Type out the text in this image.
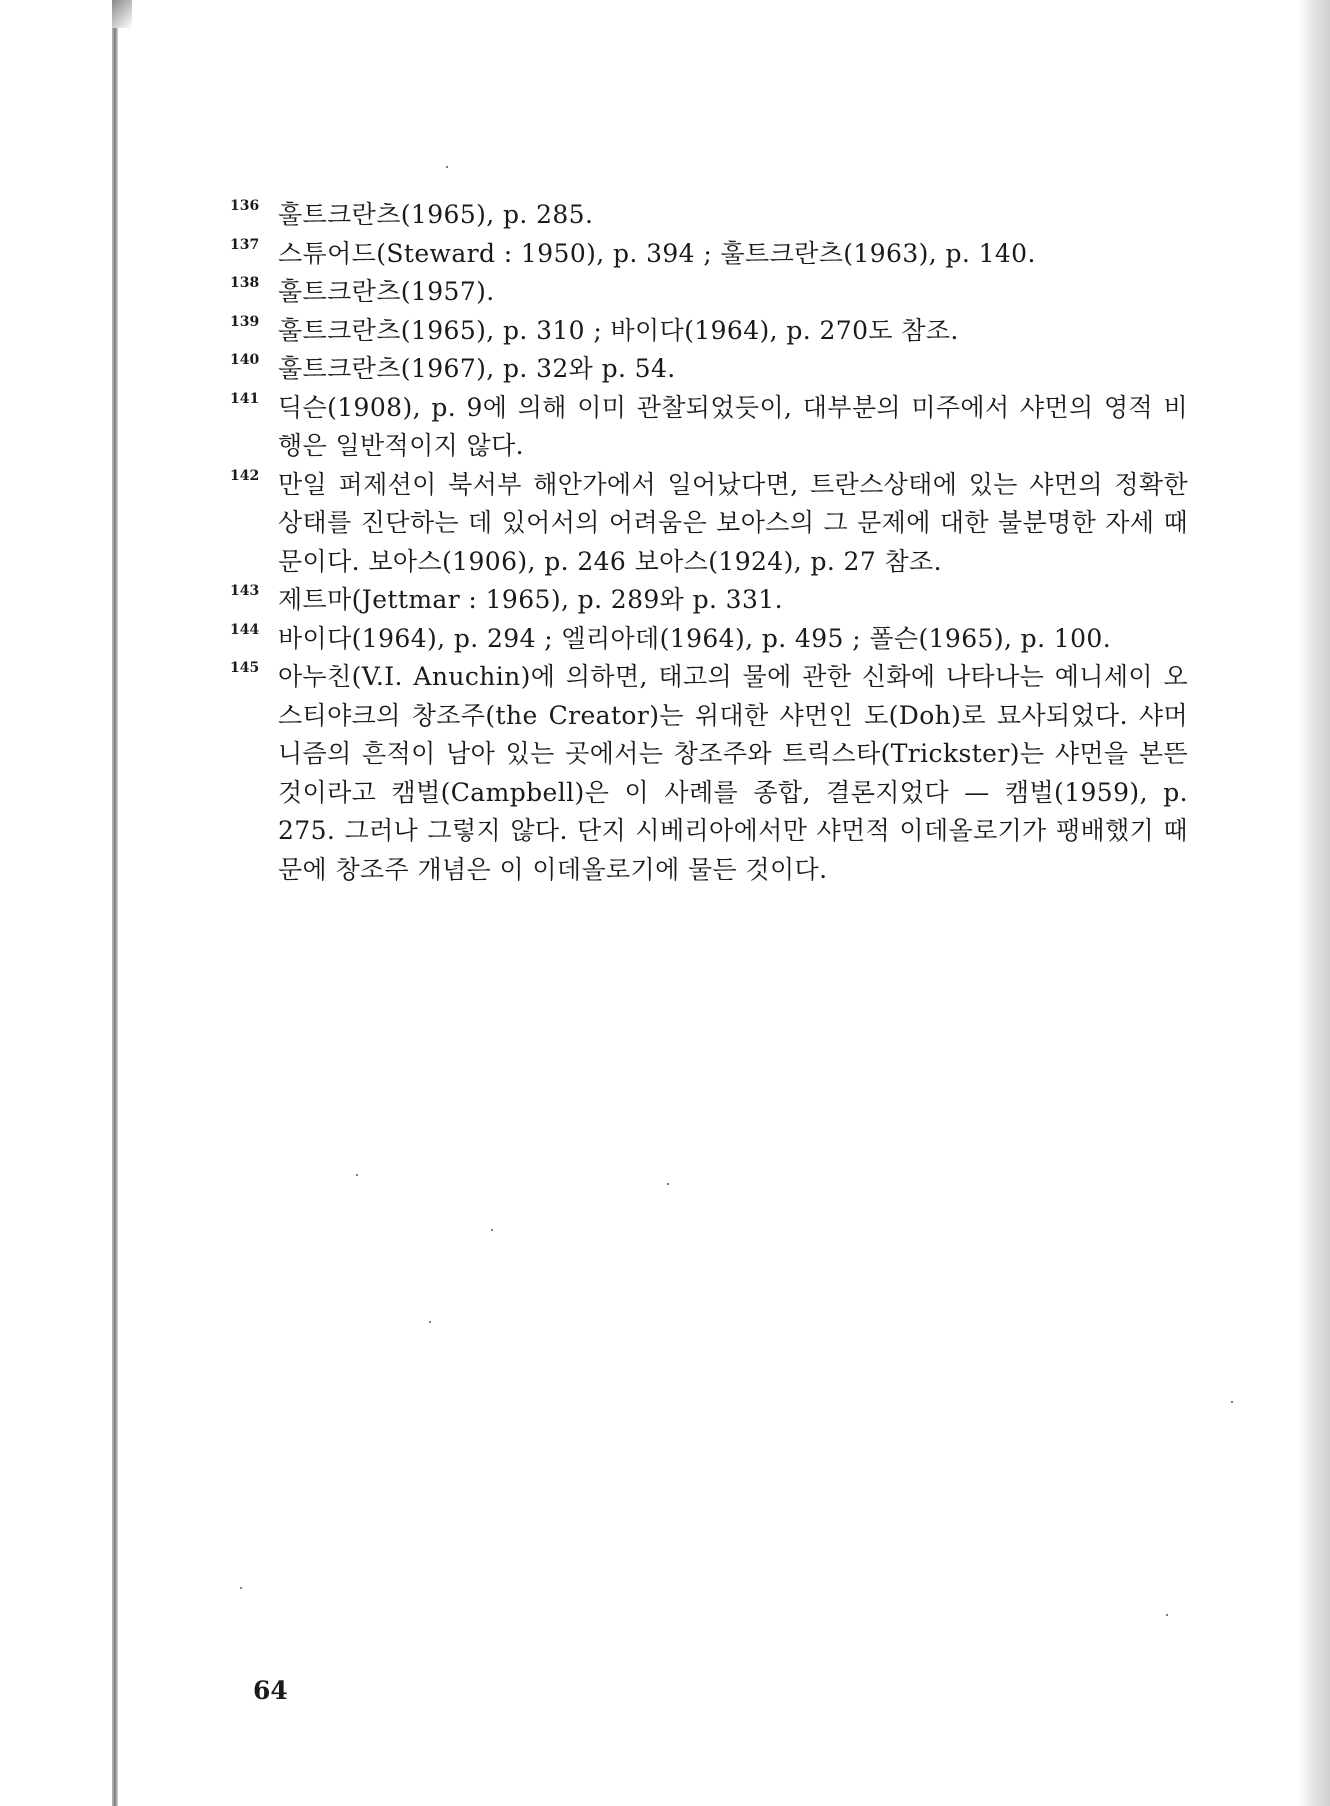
136 훌트크란츠(1965), p. 285.
137 스튜어드(Steward : 1950), p. 394 ; 훌트크란츠(1963), p. 140.
138 훌트크란츠(1957).
139 훌트크란츠(1965), p. 310 ; 바이다(1964), p. 270도 참조.
140 훌트크란츠(1967), p. 32와 p. 54.
141 딕슨(1908), p. 9에 의해 이미 관찰되었듯이, 대부분의 미주에서 샤먼의 영적 비행은 일반적이지 않다.
142 만일 퍼제션이 북서부 해안가에서 일어났다면, 트란스상태에 있는 샤먼의 정확한 상태를 진단하는 데 있어서의 어려움은 보아스의 그 문제에 대한 불분명한 자세 때문이다. 보아스(1906), p. 246 보아스(1924), p. 27 참조.
143 제트마(Jettmar : 1965), p. 289와 p. 331.
144 바이다(1964), p. 294 ; 엘리아데(1964), p. 495 ; 폴슨(1965), p. 100.
145 아누친(V.I. Anuchin)에 의하면, 태고의 물에 관한 신화에 나타나는 예니세이 오스티야크의 창조주(the Creator)는 위대한 샤먼인 도(Doh)로 묘사되었다. 샤머니즘의 흔적이 남아 있는 곳에서는 창조주와 트릭스타(Trickster)는 샤먼을 본뜬 것이라고 캠벌(Campbell)은 이 사례를 종합, 결론지었다 — 캠벌(1959), p. 275. 그러나 그렇지 않다. 단지 시베리아에서만 샤먼적 이데올로기가 팽배했기 때문에 창조주 개념은 이 이데올로기에 물든 것이다.
64
